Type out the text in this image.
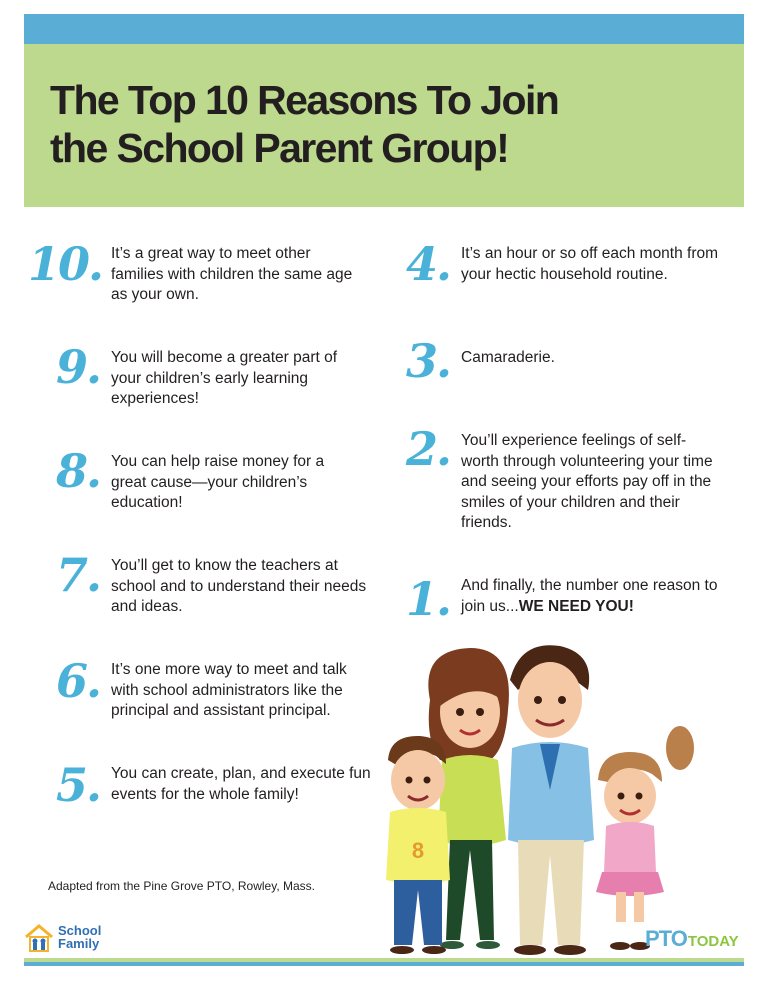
The Top 10 Reasons To Join
the School Parent Group!
10 .	It’s a great way to meet other families with children the same age as your own.
9 .	You will become a greater part of your children’s early learning experiences!
8 .	You can help raise money for a great cause—your children’s education!
7 .	You’ll get to know the teachers at school and to understand their needs and ideas.
6 .	It’s one more way to meet and talk with school administrators like the principal and assistant principal.
5 .	You can create, plan, and execute fun events for the whole family!
4 .	It’s an hour or so off each month from your hectic household routine.
3 .	Camaraderie.
2 .	You’ll experience feelings of self-worth through volunteering your time and seeing your efforts pay off in the smiles of your children and their friends.
1 .	And finally, the number one reason to join us...WE NEED YOU!
8
Adapted from the Pine Grove PTO, Rowley, Mass.
School
Family	PTOTODAY
